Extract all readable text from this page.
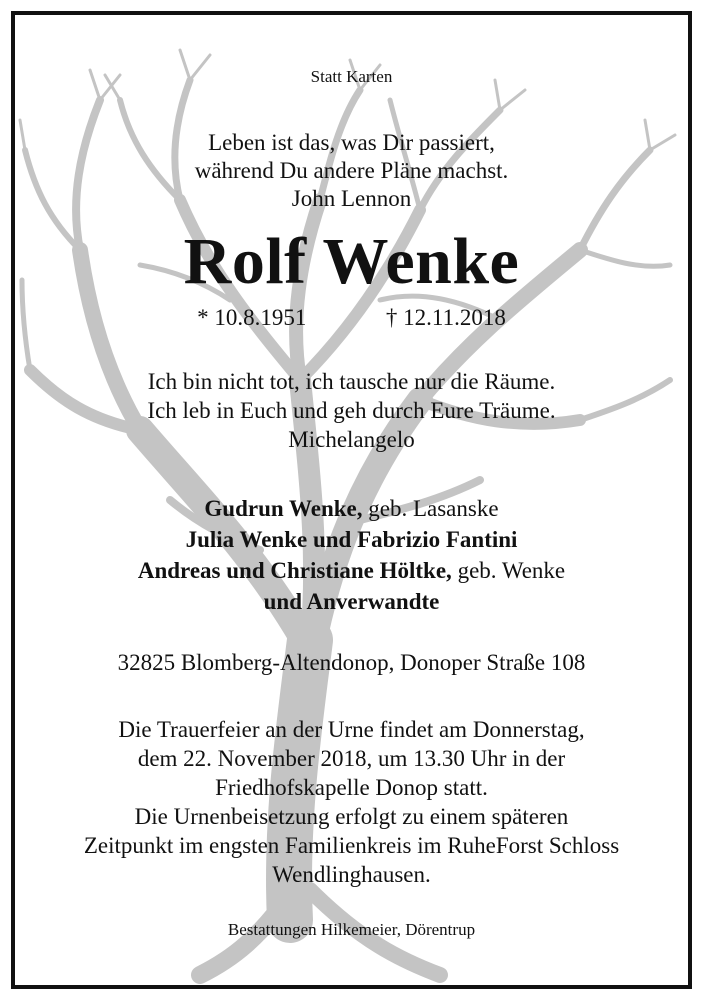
Statt Karten
Leben ist das, was Dir passiert,
während Du andere Pläne machst.
John Lennon
Rolf Wenke
* 10.8.1951	† 12.11.2018
Ich bin nicht tot, ich tausche nur die Räume.
Ich leb in Euch und geh durch Eure Träume.
Michelangelo
Gudrun Wenke, geb. Lasanske
Julia Wenke und Fabrizio Fantini
Andreas und Christiane Höltke, geb. Wenke
und Anverwandte
32825 Blomberg-Altendonop, Donoper Straße 108
Die Trauerfeier an der Urne findet am Donnerstag,
dem 22. November 2018, um 13.30 Uhr in der
Friedhofskapelle Donop statt.
Die Urnenbeisetzung erfolgt zu einem späteren
Zeitpunkt im engsten Familienkreis im RuheForst Schloss
Wendlinghausen.
Bestattungen Hilkemeier, Dörentrup
